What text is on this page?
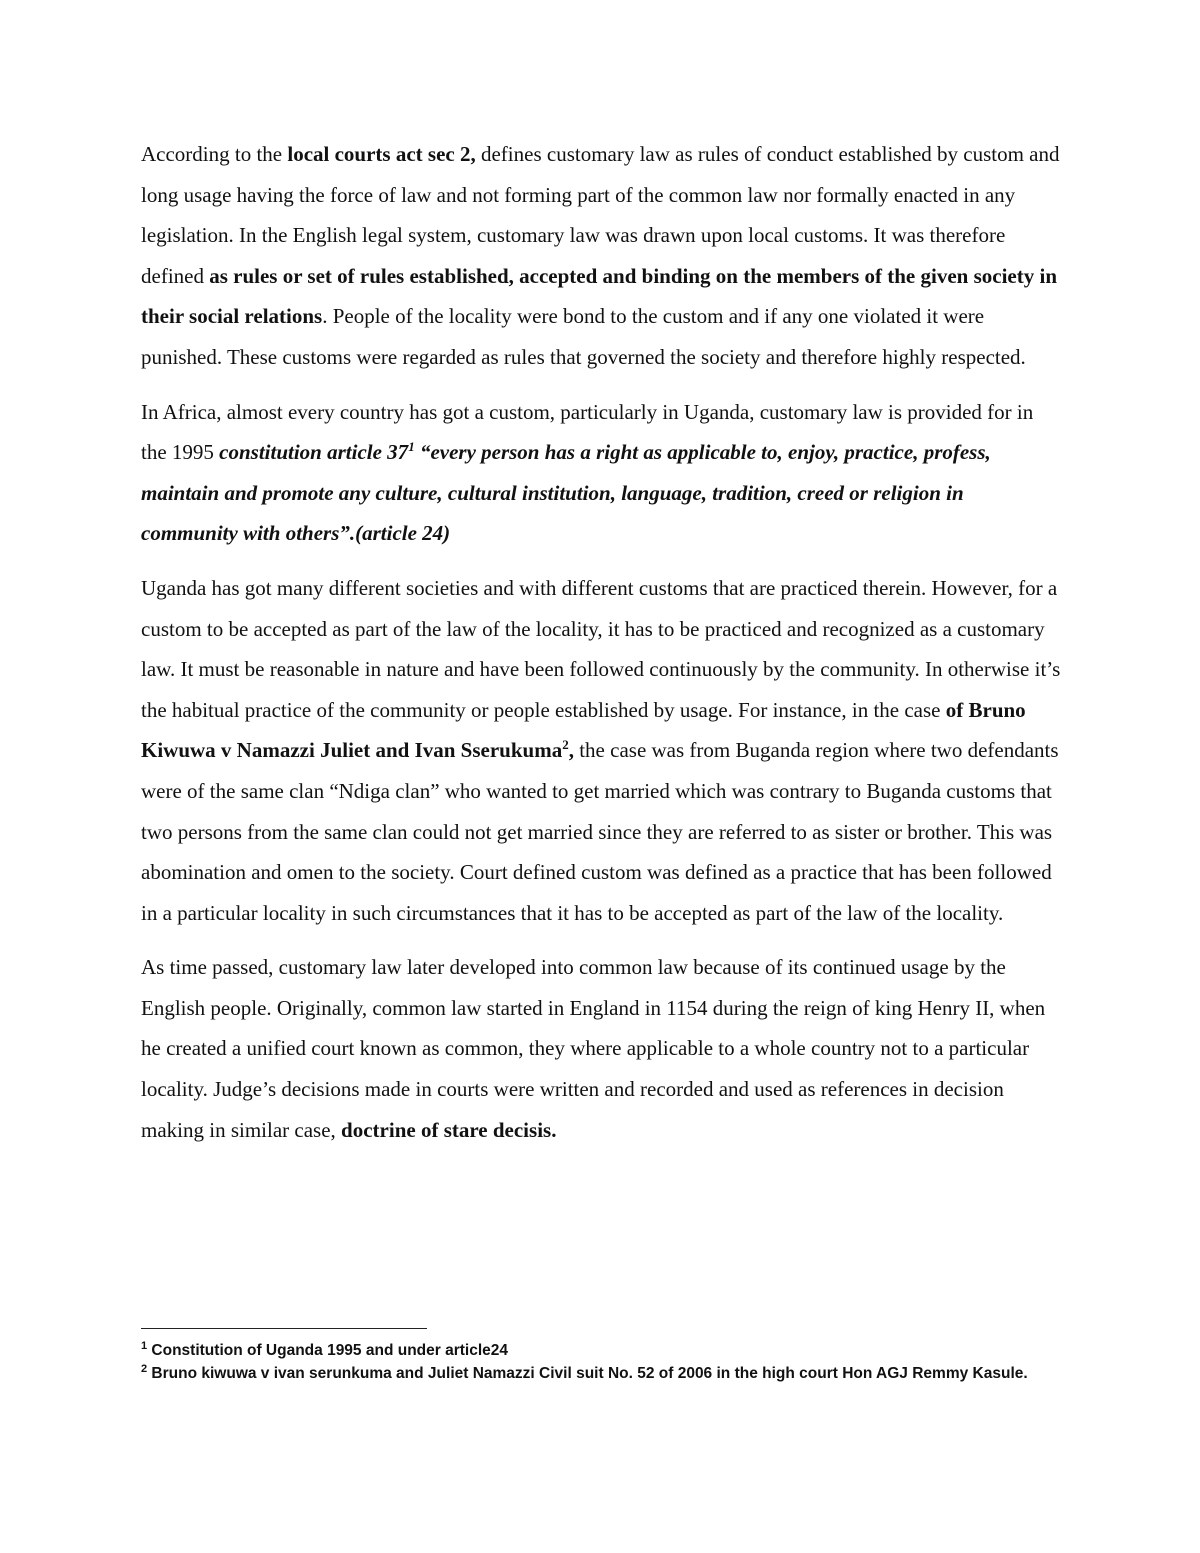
According to the local courts act sec 2, defines customary law as rules of conduct established by custom and long usage having the force of law and not forming part of the common law nor formally enacted in any legislation. In the English legal system, customary law was drawn upon local customs. It was therefore defined as rules or set of rules established, accepted and binding on the members of the given society in their social relations. People of the locality were bond to the custom and if any one violated it were punished. These customs were regarded as rules that governed the society and therefore highly respected.

In Africa, almost every country has got a custom, particularly in Uganda, customary law is provided for in the 1995 constitution article $37^1$ “every person has a right as applicable to, enjoy, practice, profess, maintain and promote any culture, cultural institution, language, tradition, creed or religion in community with others”.(article 24)

Uganda has got many different societies and with different customs that are practiced therein. However, for a custom to be accepted as part of the law of the locality, it has to be practiced and recognized as a customary law. It must be reasonable in nature and have been followed continuously by the community. In otherwise it’s the habitual practice of the community or people established by usage. For instance, in the case of Bruno Kiwuwa v Namazzi Juliet and Ivan Sserukuma$^2$, the case was from Buganda region where two defendants were of the same clan “Ndiga clan” who wanted to get married which was contrary to Buganda customs that two persons from the same clan could not get married since they are referred to as sister or brother. This was abomination and omen to the society. Court defined custom was defined as a practice that has been followed in a particular locality in such circumstances that it has to be accepted as part of the law of the locality.

As time passed, customary law later developed into common law because of its continued usage by the English people. Originally, common law started in England in 1154 during the reign of king Henry II, when he created a unified court known as common, they where applicable to a whole country not to a particular locality. Judge’s decisions made in courts were written and recorded and used as references in decision making in similar case, doctrine of stare decisis.

$^1$ Constitution of Uganda 1995 and under article24

$^2$ Bruno kiwuwa v ivan serunkuma and Juliet Namazzi Civil suit No. 52 of 2006 in the high court Hon AGJ Remmy Kasule.
